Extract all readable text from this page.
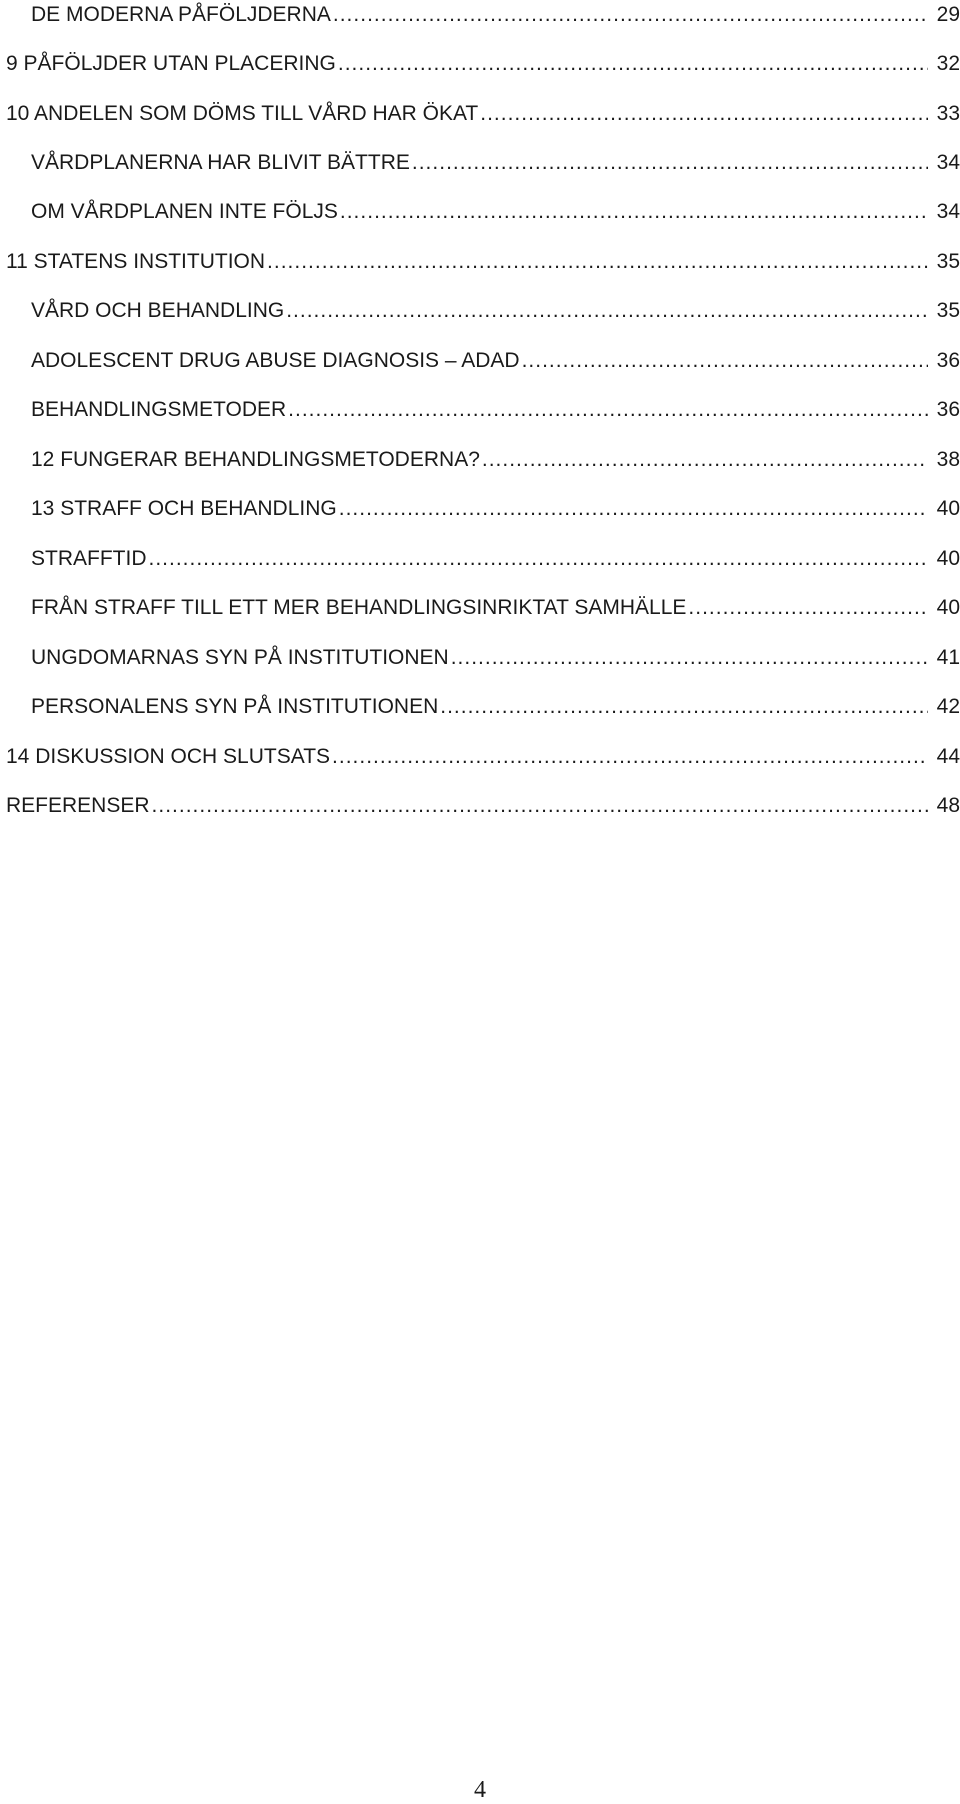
DE MODERNA PÅFÖLJDERNA .....	29
9 PÅFÖLJDER UTAN PLACERING .....	32
10 ANDELEN SOM DÖMS TILL VÅRD HAR ÖKAT .....	33
VÅRDPLANERNA HAR BLIVIT BÄTTRE .....	34
OM VÅRDPLANEN INTE FÖLJS .....	34
11 STATENS INSTITUTION .....	35
VÅRD OCH BEHANDLING .....	35
ADOLESCENT DRUG ABUSE DIAGNOSIS – ADAD .....	36
BEHANDLINGSMETODER .....	36
12 FUNGERAR BEHANDLINGSMETODERNA? .....	38
13 STRAFF OCH BEHANDLING .....	40
STRAFFTID .....	40
FRÅN STRAFF TILL ETT MER BEHANDLINGSINRIKTAT SAMHÄLLE .....	40
UNGDOMARNAS SYN PÅ INSTITUTIONEN .....	41
PERSONALENS SYN PÅ INSTITUTIONEN .....	42
14 DISKUSSION OCH SLUTSATS .....	44
REFERENSER .....	48
4
